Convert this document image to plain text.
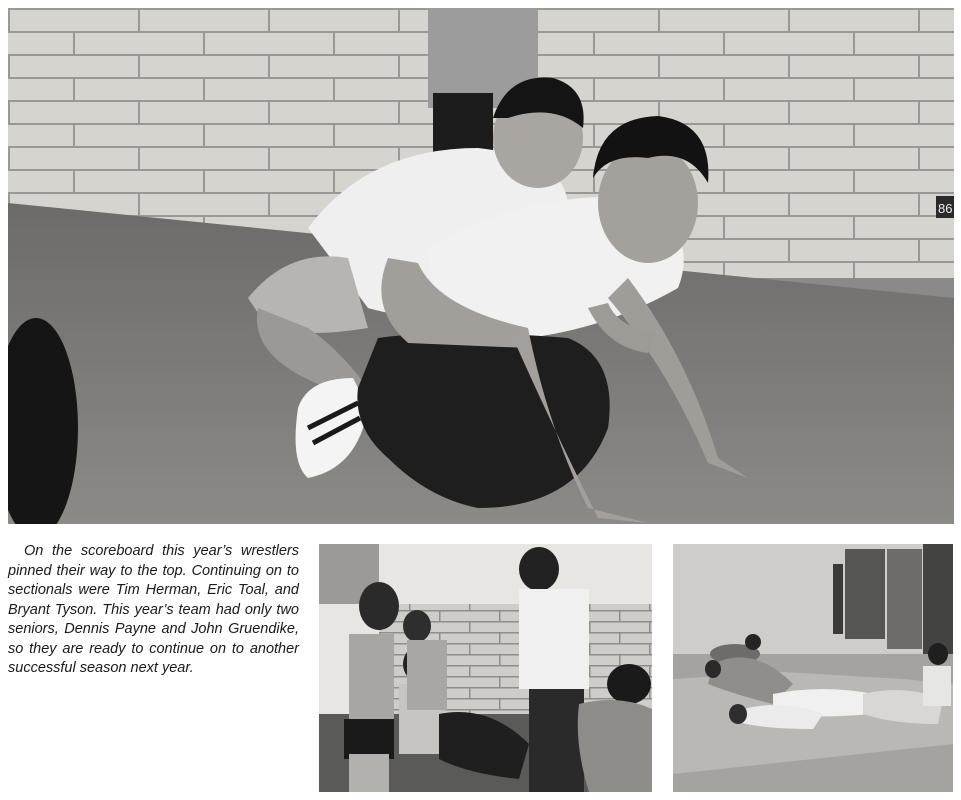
86

On the scoreboard this year’s wrestlers pinned their way to the top. Continuing on to sectionals were Tim Herman, Eric Toal, and Bryant Tyson. This year’s team had only two seniors, Dennis Payne and John Gruendike, so they are ready to continue on to another successful season next year.
